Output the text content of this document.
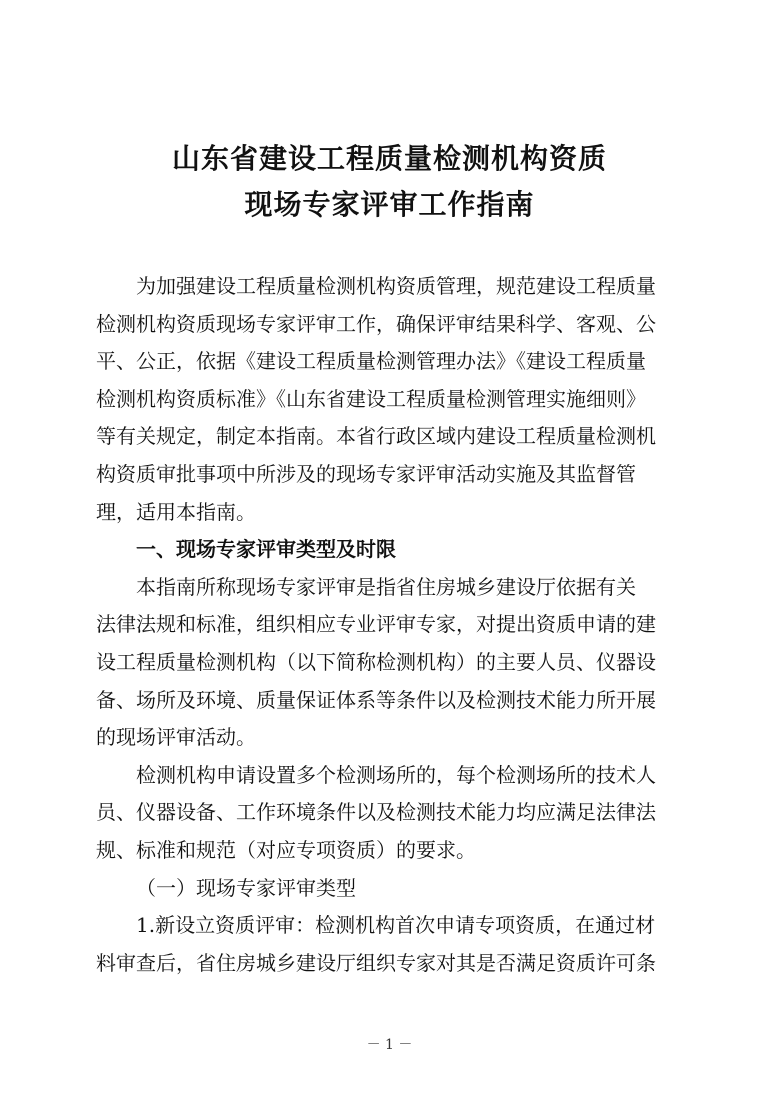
山东省建设工程质量检测机构资质
现场专家评审工作指南

为加强建设工程质量检测机构资质管理，规范建设工程质量
检测机构资质现场专家评审工作，确保评审结果科学、客观、公
平、公正，依据《建设工程质量检测管理办法》《建设工程质量
检测机构资质标准》《山东省建设工程质量检测管理实施细则》
等有关规定，制定本指南。本省行政区域内建设工程质量检测机
构资质审批事项中所涉及的现场专家评审活动实施及其监督管
理，适用本指南。

一、现场专家评审类型及时限

本指南所称现场专家评审是指省住房城乡建设厅依据有关
法律法规和标准，组织相应专业评审专家，对提出资质申请的建
设工程质量检测机构（以下简称检测机构）的主要人员、仪器设
备、场所及环境、质量保证体系等条件以及检测技术能力所开展
的现场评审活动。

检测机构申请设置多个检测场所的，每个检测场所的技术人
员、仪器设备、工作环境条件以及检测技术能力均应满足法律法
规、标准和规范（对应专项资质）的要求。

（一）现场专家评审类型

1.新设立资质评审：检测机构首次申请专项资质，在通过材
料审查后，省住房城乡建设厅组织专家对其是否满足资质许可条

－ 1 －
